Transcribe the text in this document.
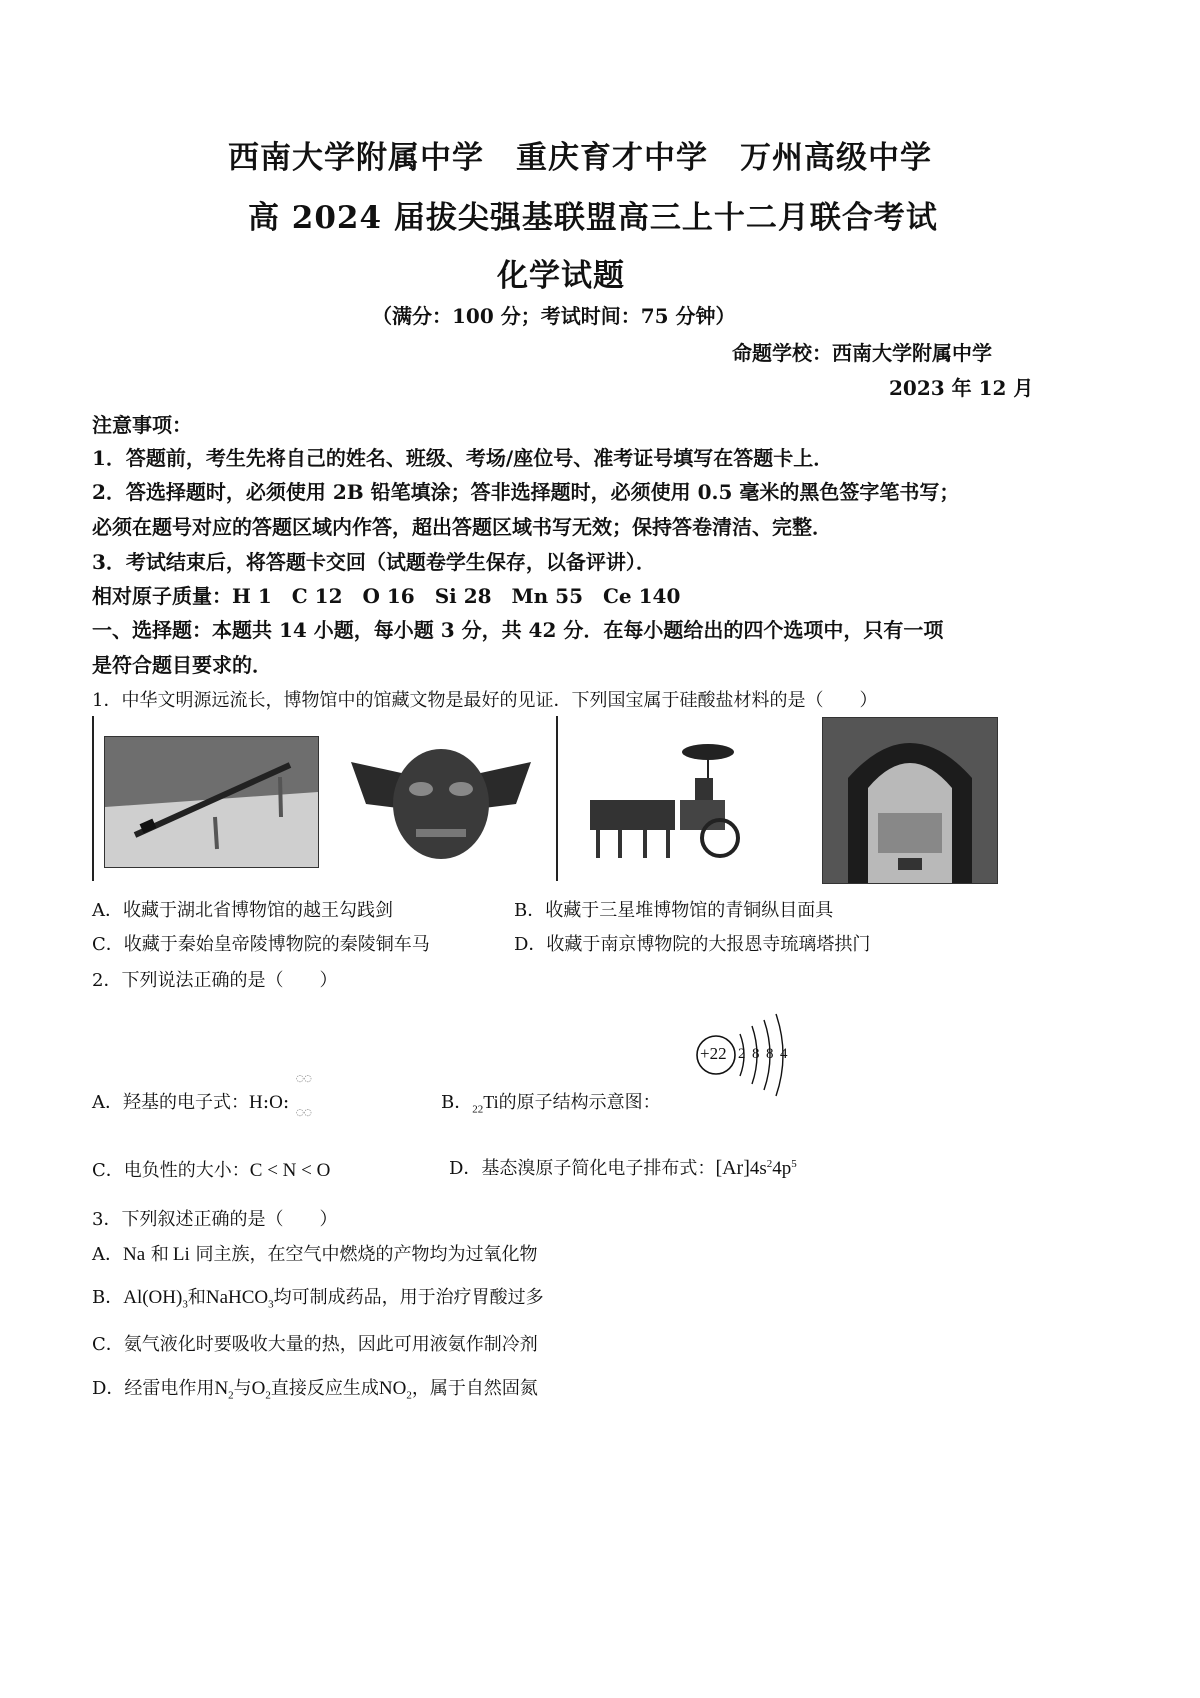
西南大学附属中学　重庆育才中学　万州高级中学
高 2024 届拔尖强基联盟高三上十二月联合考试
化学试题
（满分：100 分；考试时间：75 分钟）
命题学校：西南大学附属中学
2023 年 12 月
注意事项：
1．答题前，考生先将自己的姓名、班级、考场/座位号、准考证号填写在答题卡上．
2．答选择题时，必须使用 2B 铅笔填涂；答非选择题时，必须使用 0.5 毫米的黑色签字笔书写；
必须在题号对应的答题区域内作答，超出答题区域书写无效；保持答卷清洁、完整．
3．考试结束后，将答题卡交回（试题卷学生保存，以备评讲）．
相对原子质量：H 1　C 12　O 16　Si 28　Mn 55　Ce 140
一、选择题：本题共 14 小题，每小题 3 分，共 42 分．在每小题给出的四个选项中，只有一项
是符合题目要求的．
1．中华文明源远流长，博物馆中的馆藏文物是最好的见证．下列国宝属于硅酸盐材料的是（　　）
A．收藏于湖北省博物馆的越王勾践剑	B．收藏于三星堆博物馆的青铜纵目面具
C．收藏于秦始皇帝陵博物院的秦陵铜车马	D．收藏于南京博物院的大报恩寺琉璃塔拱门
2．下列说法正确的是（　　）
A．羟基的电子式：H:O:
◌◌
◌◌	B．$_{22}$Ti的原子结构示意图：
+22 2 8 8 4
C．电负性的大小：C < N < O	D．基态溴原子简化电子排布式：$[Ar]4s^24p^5$
3．下列叙述正确的是（　　）
A．Na 和 Li 同主族，在空气中燃烧的产物均为过氧化物
B．$Al(OH)_3$和NaHCO$_3$均可制成药品，用于治疗胃酸过多
C．氨气液化时要吸收大量的热，因此可用液氨作制冷剂
D．经雷电作用$N_2$与$O_2$直接反应生成$NO_2$，属于自然固氮
